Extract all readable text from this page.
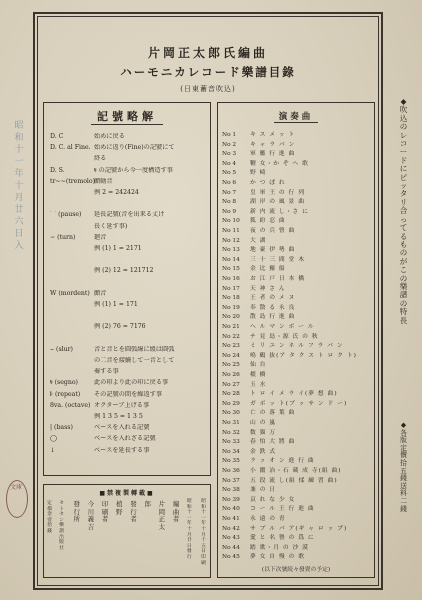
昭和十一年十月廿六日入
文庫
片岡正太郎氏編曲
ハーモニカレコード樂譜目錄
(日東蓄音吹込)
記號略解
D. C	始めに戻る
D. C. al Fine. 始めに返り(Fine)の記號にて
終る
D. S.	𝄋 の記號から今一度構造す事
tr~~(tremolo)顫動音
例 2 = 242424
⌒ (pause) 延長記號(音を出来る丈け
長く延す事)
∽ (turn)	廻音
例 (1) 1 = 2171
例 (2) 12 = 121712
W (mordent) 顫音
例 (1) 1 = 171
例 (2) 76 = 7176
⌣ (slur)	音と音とを圓弧線に緩は圓弧
の二音を接續して一音として
奏する事
𝄋 (segno)	此の印より此の印に戻る事
𝄆 (repeat) その記號の間を繰返す事
8va. (octave) オクターブ上げる事
例 1 3 5 = 1 3 5
| (bass)	ベースを入れる記號
◯	ベースを入れざる記號
↓	ベースを延長する事
演奏曲
No 1 キ ス メ ッ ト
No 2 キ ャ ラ バ ン
No 3 軍 艦 行 進 曲
No 4 鞭 女・か ぞ へ 歌
No 5 野 崎
No 6 か つ ぽ れ
No 7 皇 軍 王 の 行 列
No 8 湖 岸 の 風 景 曲
No 9 新 内 流 し・さ に
No 10 狐 紛 忍 曲
No 11 夜 の 兵 營 曲
No 12 大 湖
No 13 地 臺 伊 勢 曲
No 14 三 十 三 間 堂 木
No 15 金 比 羅 船
No 16 お 江 戸 日 本 橋
No 17 天 神 さ ん
No 18 王 者 の メ ヌ
No 19 奉 散 る 永 良
No 20 散 島 行 進 曲
No 21 ヘ ル マ ン ボ ー ル
No 22 チ 見 島・源 氏 の 秋
No 23 ミ リ ユ ン ネ ル フ ラ バ ン
No 24 鳴 鶴 抜(ア タ ク ス ト ロ ク ト)
No 25 仙 台
No 26 橿 橋
No 27 玉 水
No 28 ト ロ イ メ ラ イ(夢 想 曲)
No 29 ガ ボ ッ ト(ブ ッ サ ン ド ー)
No 30 亡 の 落 葉 曲
No 31 山 の 嵐
No 32 数 猫 万
No 33 春 怕 大 將 曲
No 34 金 鉄 式
No 35 ラ ッ オ ン 進 行 曲
No 36 小 鍛 冶・石 蔵 成 寺(組 曲)
No 37 五 段 流 し(組 揉 練 習 曲)
No 38 兼 の 日
No 39 哀 れ な 少 女
No 40 コ ー ル 王 行 進 曲
No 41 永 遠 の 青
No 42 サ ブ ル バ ア(ギ ャ ロ ッ プ)
No 43 愛 と 名 譽 の 爲 に
No 44 踏 歌・月 の 沙 漠
No 45 夢 女 自 慢 の 歌
(以下次號続々發賣の予定)
■禁複製轉載■
昭和十一年十月十五日印刷
昭和十一年十月廿日發行
編曲者
片岡正太
郎
發行者
植 野
印刷者
今 川 義 吉
發行所
セトセン樂譜出版社
定價金壹拾錢
◆吹込のレコードにピッタリ合ってるものがこの樂譜の特長
◆各版定價拾五錢 送料二錢
